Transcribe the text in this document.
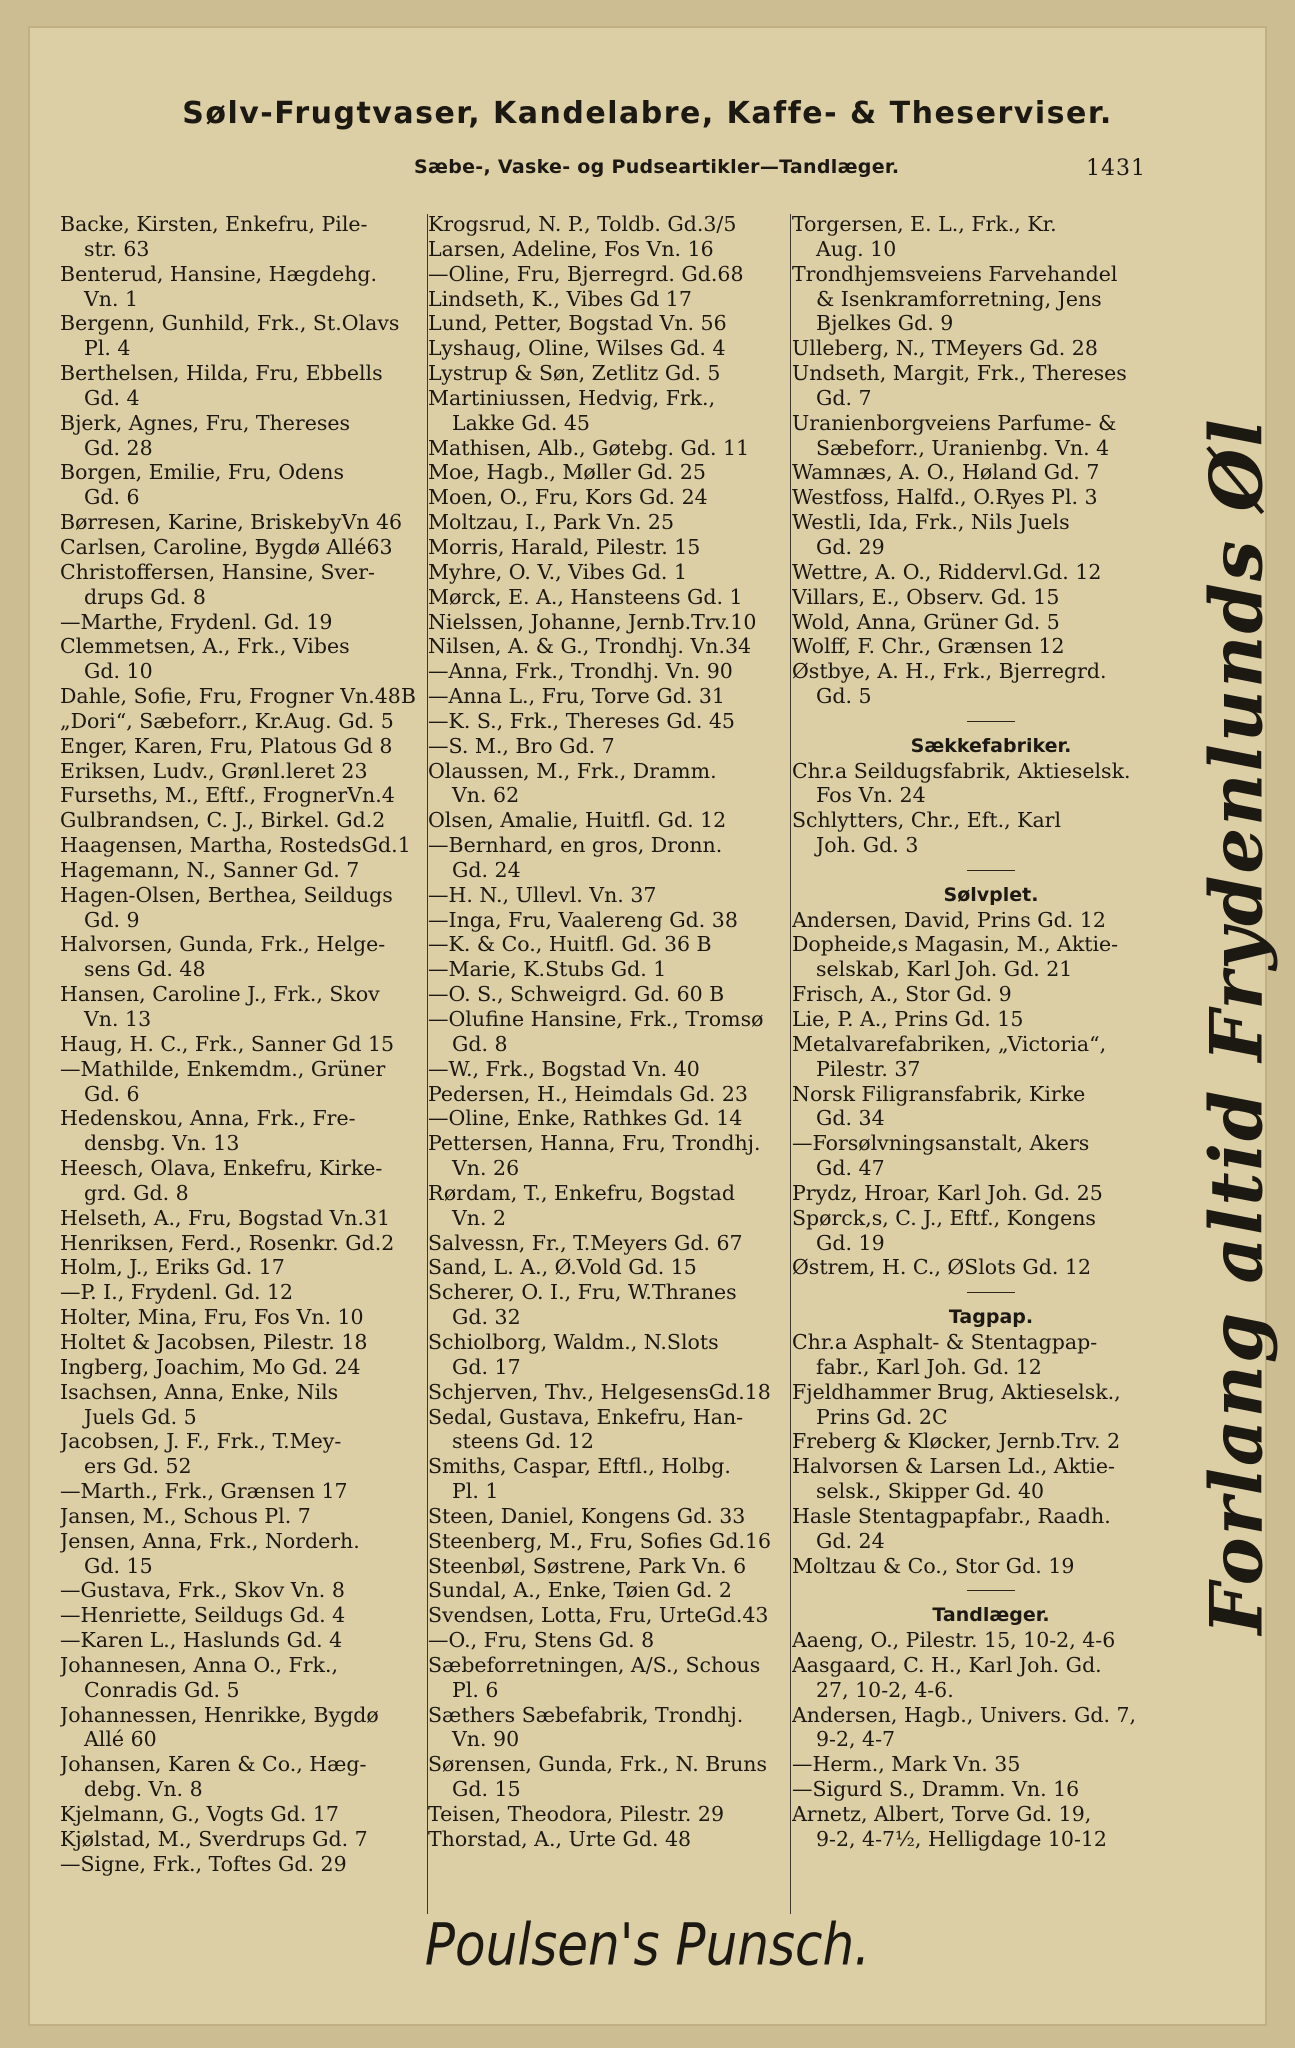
Sølv-Frugtvaser, Kandelabre, Kaffe- & Theserviser.
Sæbe-, Vaske- og Pudseartikler—Tandlæger.	1431
Backe, Kirsten, Enkefru, Pile-
str. 63
Benterud, Hansine, Hægdehg.
Vn. 1
Bergenn, Gunhild, Frk., St.Olavs
Pl. 4
Berthelsen, Hilda, Fru, Ebbells
Gd. 4
Bjerk, Agnes, Fru, Thereses
Gd. 28
Borgen, Emilie, Fru, Odens
Gd. 6
Børresen, Karine, BriskebyVn 46
Carlsen, Caroline, Bygdø Allé63
Christoffersen, Hansine, Sver-
drups Gd. 8
—Marthe, Frydenl. Gd. 19
Clemmetsen, A., Frk., Vibes
Gd. 10
Dahle, Sofie, Fru, Frogner Vn.48B
„Dori“, Sæbeforr., Kr.Aug. Gd. 5
Enger, Karen, Fru, Platous Gd 8
Eriksen, Ludv., Grønl.leret 23
Furseths, M., Eftf., FrognerVn.4
Gulbrandsen, C. J., Birkel. Gd.2
Haagensen, Martha, RostedsGd.1
Hagemann, N., Sanner Gd. 7
Hagen-Olsen, Berthea, Seildugs
Gd. 9
Halvorsen, Gunda, Frk., Helge-
sens Gd. 48
Hansen, Caroline J., Frk., Skov
Vn. 13
Haug, H. C., Frk., Sanner Gd 15
—Mathilde, Enkemdm., Grüner
Gd. 6
Hedenskou, Anna, Frk., Fre-
densbg. Vn. 13
Heesch, Olava, Enkefru, Kirke-
grd. Gd. 8
Helseth, A., Fru, Bogstad Vn.31
Henriksen, Ferd., Rosenkr. Gd.2
Holm, J., Eriks Gd. 17
—P. I., Frydenl. Gd. 12
Holter, Mina, Fru, Fos Vn. 10
Holtet & Jacobsen, Pilestr. 18
Ingberg, Joachim, Mo Gd. 24
Isachsen, Anna, Enke, Nils
Juels Gd. 5
Jacobsen, J. F., Frk., T.Mey-
ers Gd. 52
—Marth., Frk., Grænsen 17
Jansen, M., Schous Pl. 7
Jensen, Anna, Frk., Norderh.
Gd. 15
—Gustava, Frk., Skov Vn. 8
—Henriette, Seildugs Gd. 4
—Karen L., Haslunds Gd. 4
Johannesen, Anna O., Frk.,
Conradis Gd. 5
Johannessen, Henrikke, Bygdø
Allé 60
Johansen, Karen & Co., Hæg-
debg. Vn. 8
Kjelmann, G., Vogts Gd. 17
Kjølstad, M., Sverdrups Gd. 7
—Signe, Frk., Toftes Gd. 29
Krogsrud, N. P., Toldb. Gd.3/5
Larsen, Adeline, Fos Vn. 16
—Oline, Fru, Bjerregrd. Gd.68
Lindseth, K., Vibes Gd 17
Lund, Petter, Bogstad Vn. 56
Lyshaug, Oline, Wilses Gd. 4
Lystrup & Søn, Zetlitz Gd. 5
Martiniussen, Hedvig, Frk.,
Lakke Gd. 45
Mathisen, Alb., Gøtebg. Gd. 11
Moe, Hagb., Møller Gd. 25
Moen, O., Fru, Kors Gd. 24
Moltzau, I., Park Vn. 25
Morris, Harald, Pilestr. 15
Myhre, O. V., Vibes Gd. 1
Mørck, E. A., Hansteens Gd. 1
Nielssen, Johanne, Jernb.Trv.10
Nilsen, A. & G., Trondhj. Vn.34
—Anna, Frk., Trondhj. Vn. 90
—Anna L., Fru, Torve Gd. 31
—K. S., Frk., Thereses Gd. 45
—S. M., Bro Gd. 7
Olaussen, M., Frk., Dramm.
Vn. 62
Olsen, Amalie, Huitfl. Gd. 12
—Bernhard, en gros, Dronn.
Gd. 24
—H. N., Ullevl. Vn. 37
—Inga, Fru, Vaalereng Gd. 38
—K. & Co., Huitfl. Gd. 36 B
—Marie, K.Stubs Gd. 1
—O. S., Schweigrd. Gd. 60 B
—Olufine Hansine, Frk., Tromsø
Gd. 8
—W., Frk., Bogstad Vn. 40
Pedersen, H., Heimdals Gd. 23
—Oline, Enke, Rathkes Gd. 14
Pettersen, Hanna, Fru, Trondhj.
Vn. 26
Rørdam, T., Enkefru, Bogstad
Vn. 2
Salvessn, Fr., T.Meyers Gd. 67
Sand, L. A., Ø.Vold Gd. 15
Scherer, O. I., Fru, W.Thranes
Gd. 32
Schiolborg, Waldm., N.Slots
Gd. 17
Schjerven, Thv., HelgesensGd.18
Sedal, Gustava, Enkefru, Han-
steens Gd. 12
Smiths, Caspar, Eftfl., Holbg.
Pl. 1
Steen, Daniel, Kongens Gd. 33
Steenberg, M., Fru, Sofies Gd.16
Steenbøl, Søstrene, Park Vn. 6
Sundal, A., Enke, Tøien Gd. 2
Svendsen, Lotta, Fru, UrteGd.43
—O., Fru, Stens Gd. 8
Sæbeforretningen, A/S., Schous
Pl. 6
Sæthers Sæbefabrik, Trondhj.
Vn. 90
Sørensen, Gunda, Frk., N. Bruns
Gd. 15
Teisen, Theodora, Pilestr. 29
Thorstad, A., Urte Gd. 48
Torgersen, E. L., Frk., Kr.
Aug. 10
Trondhjemsveiens Farvehandel
& Isenkramforretning, Jens
Bjelkes Gd. 9
Ulleberg, N., TMeyers Gd. 28
Undseth, Margit, Frk., Thereses
Gd. 7
Uranienborgveiens Parfume- &
Sæbeforr., Uranienbg. Vn. 4
Wamnæs, A. O., Høland Gd. 7
Westfoss, Halfd., O.Ryes Pl. 3
Westli, Ida, Frk., Nils Juels
Gd. 29
Wettre, A. O., Riddervl.Gd. 12
Villars, E., Observ. Gd. 15
Wold, Anna, Grüner Gd. 5
Wolff, F. Chr., Grænsen 12
Østbye, A. H., Frk., Bjerregrd.
Gd. 5
Sækkefabriker.
Chr.a Seildugsfabrik, Aktieselsk.
Fos Vn. 24
Schlytters, Chr., Eft., Karl
Joh. Gd. 3
Sølvplet.
Andersen, David, Prins Gd. 12
Dopheide,s Magasin, M., Aktie-
selskab, Karl Joh. Gd. 21
Frisch, A., Stor Gd. 9
Lie, P. A., Prins Gd. 15
Metalvarefabriken, „Victoria“,
Pilestr. 37
Norsk Filigransfabrik, Kirke
Gd. 34
—Forsølvningsanstalt, Akers
Gd. 47
Prydz, Hroar, Karl Joh. Gd. 25
Spørck,s, C. J., Eftf., Kongens
Gd. 19
Østrem, H. C., ØSlots Gd. 12
Tagpap.
Chr.a Asphalt- & Stentagpap-
fabr., Karl Joh. Gd. 12
Fjeldhammer Brug, Aktieselsk.,
Prins Gd. 2C
Freberg & Kløcker, Jernb.Trv. 2
Halvorsen & Larsen Ld., Aktie-
selsk., Skipper Gd. 40
Hasle Stentagpapfabr., Raadh.
Gd. 24
Moltzau & Co., Stor Gd. 19
Tandlæger.
Aaeng, O., Pilestr. 15, 10-2, 4-6
Aasgaard, C. H., Karl Joh. Gd.
27, 10-2, 4-6.
Andersen, Hagb., Univers. Gd. 7,
9-2, 4-7
—Herm., Mark Vn. 35
—Sigurd S., Dramm. Vn. 16
Arnetz, Albert, Torve Gd. 19,
9-2, 4-7½, Helligdage 10-12
Forlang altid Frydenlunds Øl
Poulsen's Punsch.
